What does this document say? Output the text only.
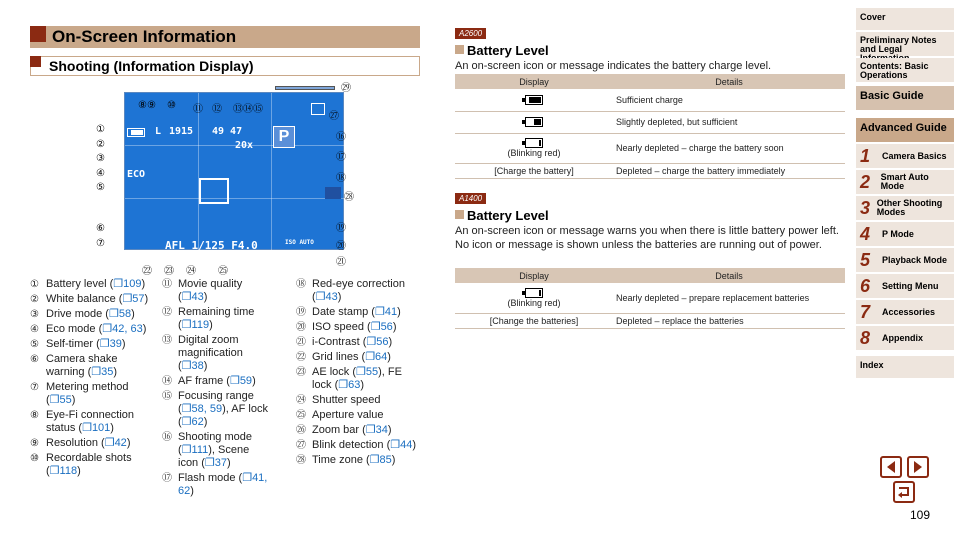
On-Screen Information
Shooting (Information Display)
P
L 1915 49 47
20x
ECO
AFL 1/125 F4.0	ISO AUTO
⑧⑨ ⑩ ⑪ ⑫ ⑬⑭⑮
㉙
㉗
①
②
③
④
⑤
⑥
⑦
⑯
⑰
⑱
㉘
⑲
⑳
㉑
㉒ ㉓ ㉔ ㉕
① Battery level (❐109)
② White balance (❐57)
③ Drive mode (❐58)
④ Eco mode (❐42, 63)
⑤ Self-timer (❐39)
⑥ Camera shake warning (❐35)
⑦ Metering method (❐55)
⑧ Eye-Fi connection status (❐101)
⑨ Resolution (❐42)
⑩ Recordable shots (❐118)
⑪ Movie quality (❐43)
⑫ Remaining time (❐119)
⑬ Digital zoom magnification (❐38)
⑭ AF frame (❐59)
⑮ Focusing range (❐58, 59), AF lock (❐62)
⑯ Shooting mode (❐111), Scene icon (❐37)
⑰ Flash mode (❐41, 62)
⑱ Red-eye correction (❐43)
⑲ Date stamp (❐41)
⑳ ISO speed (❐56)
㉑ i-Contrast (❐56)
㉒ Grid lines (❐64)
㉓ AE lock (❐55), FE lock (❐63)
㉔ Shutter speed
㉕ Aperture value
㉖ Zoom bar (❐34)
㉗ Blink detection (❐44)
㉘ Time zone (❐85)
A2600
Battery Level
An on-screen icon or message indicates the battery charge level.
Display	Details

	Sufficient charge

	Slightly depleted, but sufficient

(Blinking red)	Nearly depleted – charge the battery soon
[Charge the battery]	Depleted – charge the battery immediately
A1400
Battery Level
An on-screen icon or message warns you when there is little battery power left. No icon or message is shown unless the batteries are running out of power.
Display	Details

(Blinking red)	Nearly depleted – prepare replacement batteries
[Change the batteries]	Depleted – replace the batteries
Cover
Preliminary Notes and Legal
Contents: Basic Operations
Basic Guide
Advanced Guide
1	Camera Basics
2	Smart Auto Mode
3 Other Shooting Modes
4	P Mode
5	Playback Mode
6	Setting Menu
7	Accessories
8	Appendix
Index
109
